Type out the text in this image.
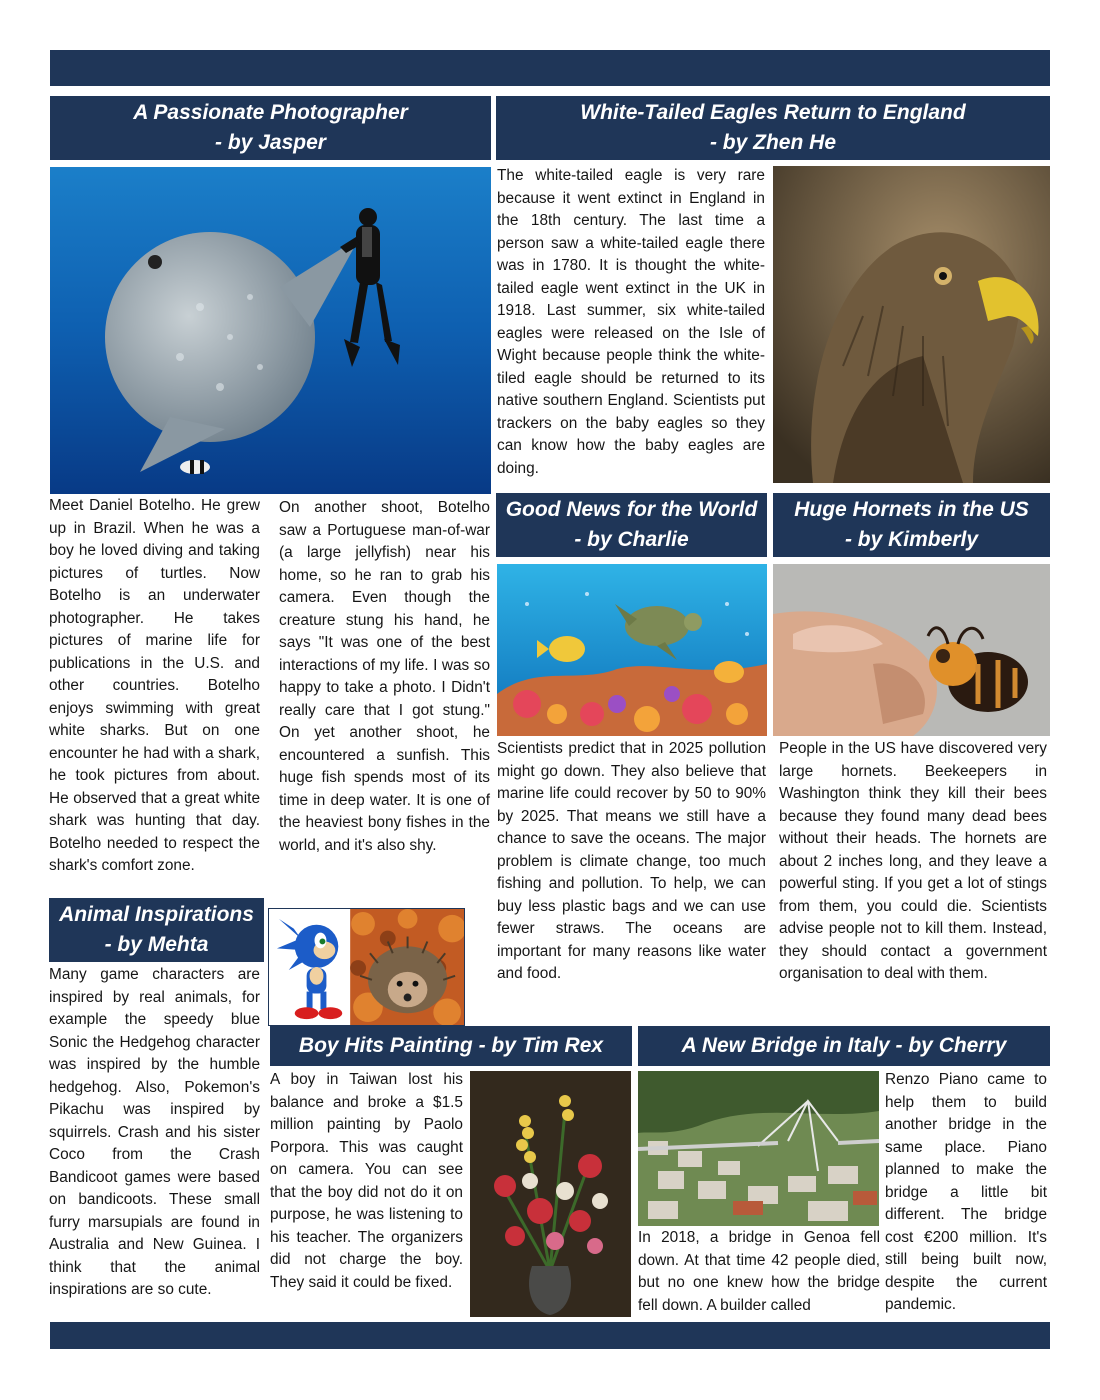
A Passionate Photographer
- by Jasper
Meet Daniel Botelho. He grew up in Brazil. When he was a boy he loved diving and taking pictures of turtles. Now Botelho is an underwater photographer. He takes pictures of marine life for publications in the U.S. and other countries. Botelho enjoys swimming with great white sharks. But on one encounter he had with a shark, he took pictures from about. He observed that a great white shark was hunting that day. Botelho needed to respect the shark's comfort zone.
On another shoot, Botelho saw a Portuguese man-of-war (a large jellyfish) near his home, so he ran to grab his camera. Even though the creature stung his hand, he says "It was one of the best interactions of my life. I was so happy to take a photo. I Didn't really care that I got stung." On yet another shoot, he encountered a sunfish. This huge fish spends most of its time in deep water. It is one of the heaviest bony fishes in the world, and it's also shy.
White-Tailed Eagles Return to England
- by Zhen He
The white-tailed eagle is very rare because it went extinct in England in the 18th century. The last time a person saw a white-tailed eagle there was in 1780. It is thought the white-tailed eagle went extinct in the UK in 1918. Last summer, six white-tailed eagles were released on the Isle of Wight because people think the white-tiled eagle should be returned to its native southern England. Scientists put trackers on the baby eagles so they can know how the baby eagles are doing.
Good News for the World
- by Charlie
Scientists predict that in 2025 pollution might go down. They also believe that marine life could recover by 50 to 90% by 2025. That means we still have a chance to save the oceans. The major problem is climate change, too much fishing and pollution. To help, we can buy less plastic bags and we can use fewer straws. The oceans are important for many reasons like water and food.
Huge Hornets in the US
- by Kimberly
People in the US have discovered very large hornets. Beekeepers in Washington think they kill their bees because they found many dead bees without their heads. The hornets are about 2 inches long, and they leave a powerful sting. If you get a lot of stings from them, you could die. Scientists advise people not to kill them. Instead, they should contact a government organisation to deal with them.
Animal Inspirations
- by Mehta
Many game characters are inspired by real animals, for example the speedy blue Sonic the Hedgehog character was inspired by the humble hedgehog. Also, Pokemon's Pikachu was inspired by squirrels. Crash and his sister Coco from the Crash Bandicoot games were based on bandicoots. These small furry marsupials are found in Australia and New Guinea. I think that the animal inspirations are so cute.
Boy Hits Painting - by Tim Rex
A boy in Taiwan lost his balance and broke a $1.5 million painting by Paolo Porpora. This was caught on camera. You can see that the boy did not do it on purpose, he was listening to his teacher. The organizers did not charge the boy. They said it could be fixed.
A New Bridge in Italy - by Cherry
In 2018, a bridge in Genoa fell down. At that time 42 people died, but no one knew how the bridge fell down. A builder called
Renzo Piano came to help them to build another bridge in the same place. Piano planned to make the bridge a little bit different. The bridge cost €200 million. It's still being built now, despite the current pandemic.
